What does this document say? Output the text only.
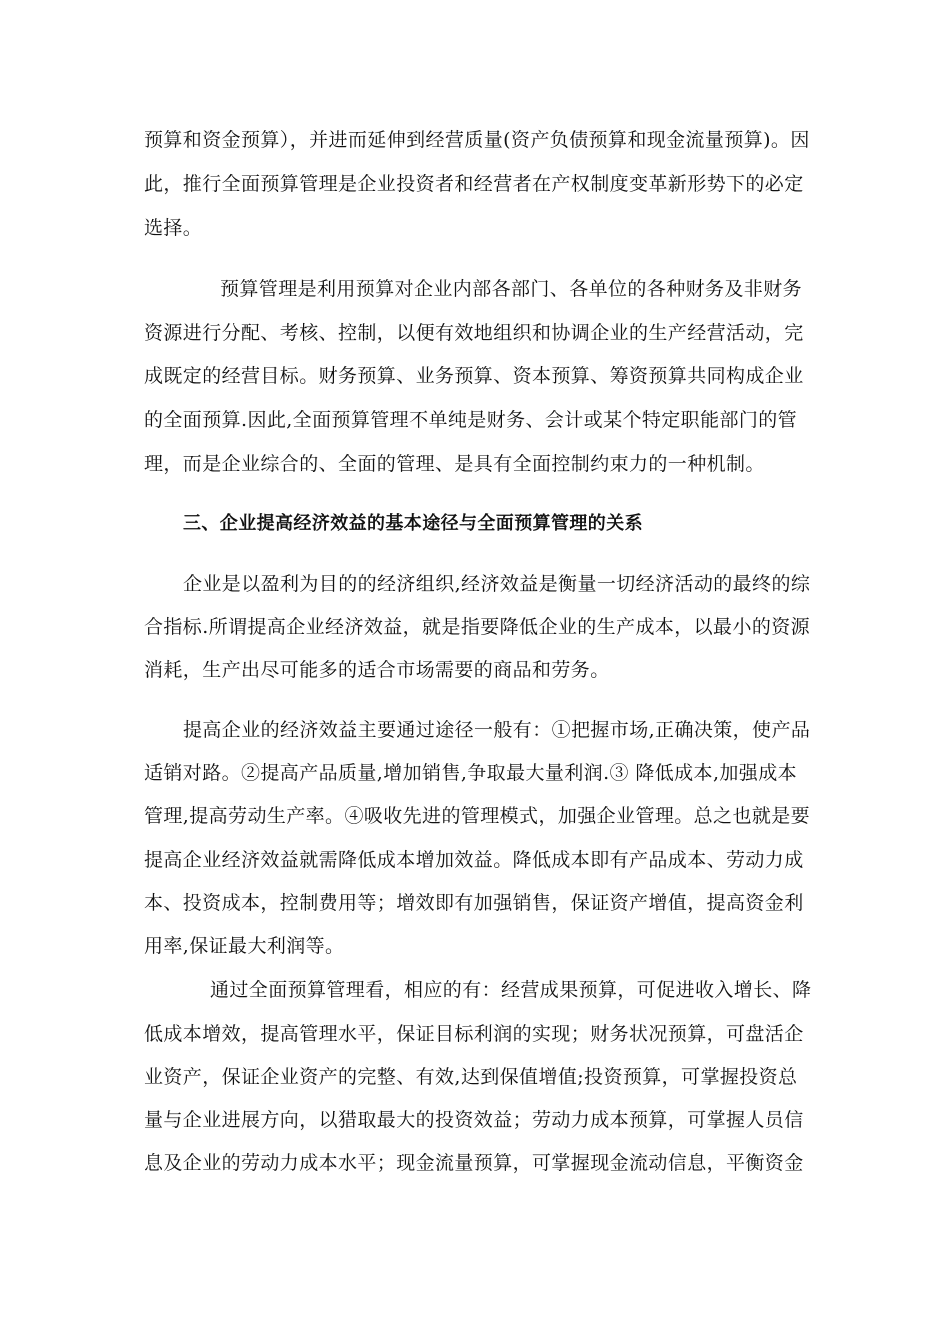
预算和资金预算），并进而延伸到经营质量(资产负债预算和现金流量预算)。因
此，推行全面预算管理是企业投资者和经营者在产权制度变革新形势下的必定
选择。
预算管理是利用预算对企业内部各部门、各单位的各种财务及非财务
资源进行分配、考核、控制，以便有效地组织和协调企业的生产经营活动，完
成既定的经营目标。财务预算、业务预算、资本预算、筹资预算共同构成企业
的全面预算.因此,全面预算管理不单纯是财务、会计或某个特定职能部门的管
理，而是企业综合的、全面的管理、是具有全面控制约束力的一种机制。
三、企业提高经济效益的基本途径与全面预算管理的关系
企业是以盈利为目的的经济组织,经济效益是衡量一切经济活动的最终的综
合指标.所谓提高企业经济效益，就是指要降低企业的生产成本，以最小的资源
消耗，生产出尽可能多的适合市场需要的商品和劳务。
提高企业的经济效益主要通过途径一般有：①把握市场,正确决策，使产品
适销对路。②提高产品质量,增加销售,争取最大量利润.③ 降低成本,加强成本
管理,提高劳动生产率。④吸收先进的管理模式，加强企业管理。总之也就是要
提高企业经济效益就需降低成本增加效益。降低成本即有产品成本、劳动力成
本、投资成本，控制费用等；增效即有加强销售，保证资产增值，提高资金利
用率,保证最大利润等。
通过全面预算管理看，相应的有：经营成果预算，可促进收入增长、降
低成本增效，提高管理水平，保证目标利润的实现；财务状况预算，可盘活企
业资产，保证企业资产的完整、有效,达到保值增值;投资预算，可掌握投资总
量与企业进展方向，以猎取最大的投资效益；劳动力成本预算，可掌握人员信
息及企业的劳动力成本水平；现金流量预算，可掌握现金流动信息，平衡资金
